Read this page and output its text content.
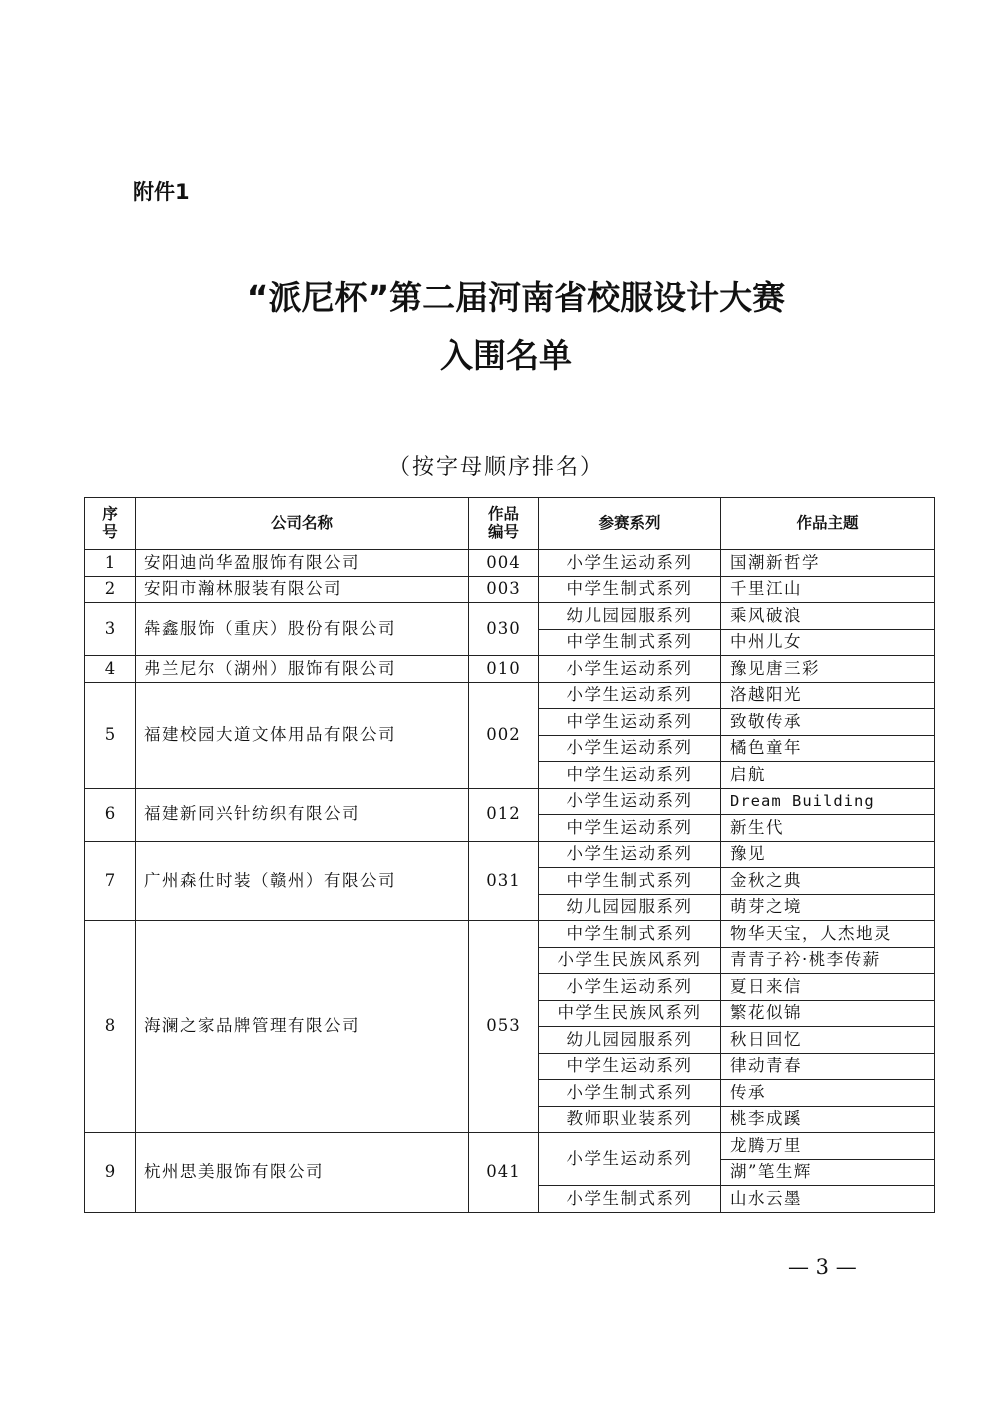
附件1
“派尼杯”第二届河南省校服设计大赛
入围名单
（按字母顺序排名）
序号	公司名称	作品编号	参赛系列	作品主题
1	安阳迪尚华盈服饰有限公司	004	小学生运动系列	国潮新哲学
2	安阳市瀚林服装有限公司	003	中学生制式系列	千里江山
3	犇鑫服饰（重庆）股份有限公司	030	幼儿园园服系列	乘风破浪
			中学生制式系列	中州儿女
4	弗兰尼尔（湖州）服饰有限公司	010	小学生运动系列	豫见唐三彩
5	福建校园大道文体用品有限公司	002	小学生运动系列	洛越阳光
			中学生运动系列	致敬传承
			小学生运动系列	橘色童年
			中学生运动系列	启航
6	福建新同兴针纺织有限公司	012	小学生运动系列	Dream Building
			中学生运动系列	新生代
7	广州森仕时装（赣州）有限公司	031	小学生运动系列	豫见
			中学生制式系列	金秋之典
			幼儿园园服系列	萌芽之境
8	海澜之家品牌管理有限公司	053	中学生制式系列	物华天宝，人杰地灵
			小学生民族风系列	青青子衿·桃李传薪
			小学生运动系列	夏日来信
			中学生民族风系列	繁花似锦
			幼儿园园服系列	秋日回忆
			中学生运动系列	律动青春
			小学生制式系列	传承
			教师职业装系列	桃李成蹊
9	杭州思美服饰有限公司	041	小学生运动系列	龙腾万里
				湖”笔生辉
			小学生制式系列	山水云墨
— 3 —
